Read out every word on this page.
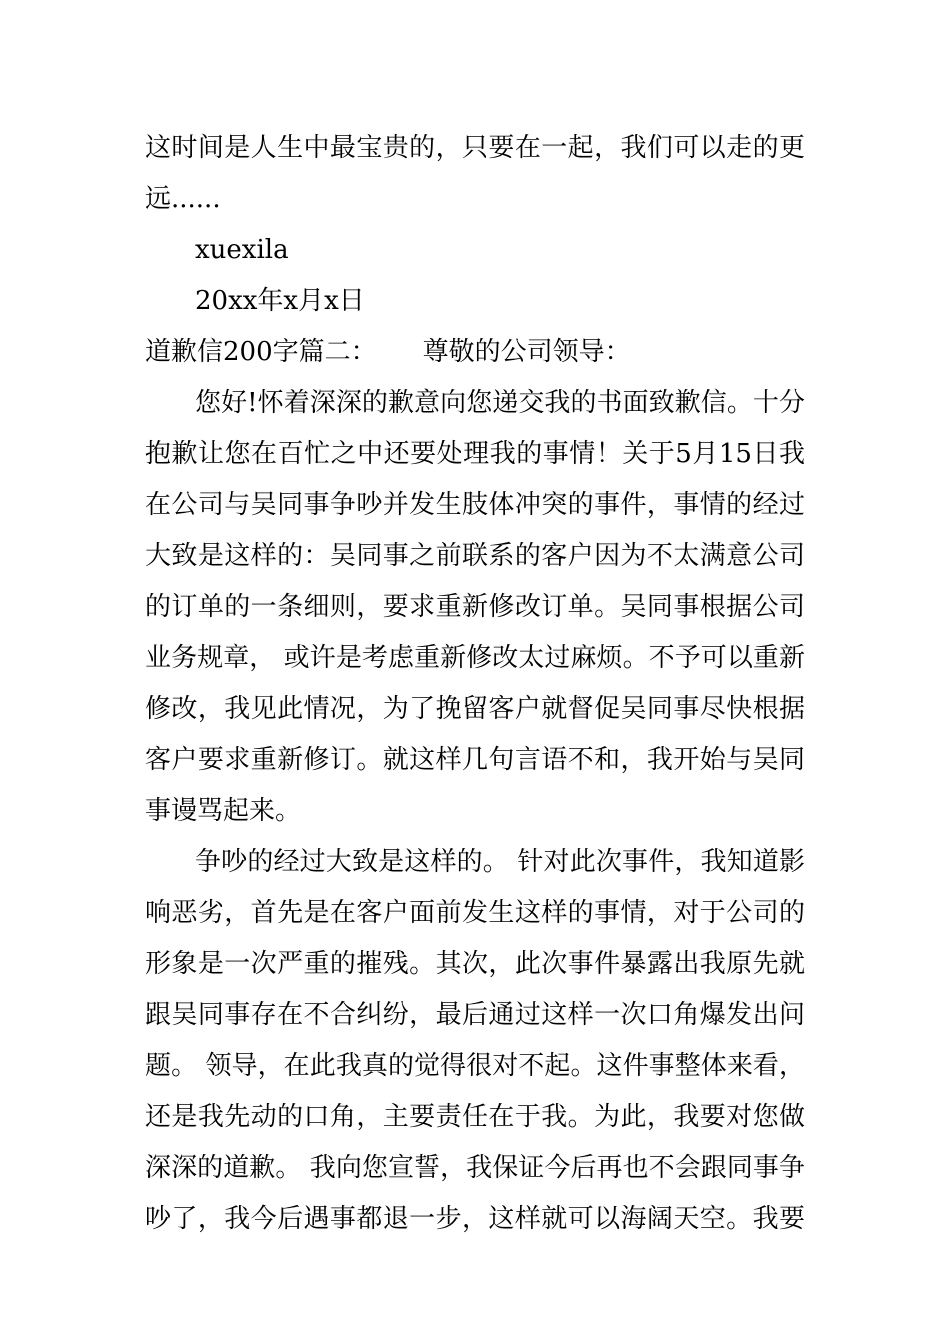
这时间是人生中最宝贵的，只要在一起，我们可以走的更
远......
xuexila
20xx年x月x日
道歉信200字篇二： 尊敬的公司领导：
您好!怀着深深的歉意向您递交我的书面致歉信。十分
抱歉让您在百忙之中还要处理我的事情！关于5月15日我
在公司与吴同事争吵并发生肢体冲突的事件，事情的经过
大致是这样的：吴同事之前联系的客户因为不太满意公司
的订单的一条细则，要求重新修改订单。吴同事根据公司
业务规章， 或许是考虑重新修改太过麻烦。不予可以重新
修改，我见此情况，为了挽留客户就督促吴同事尽快根据
客户要求重新修订。就这样几句言语不和，我开始与吴同
事谩骂起来。
争吵的经过大致是这样的。 针对此次事件，我知道影
响恶劣，首先是在客户面前发生这样的事情，对于公司的
形象是一次严重的摧残。其次，此次事件暴露出我原先就
跟吴同事存在不合纠纷，最后通过这样一次口角爆发出问
题。 领导，在此我真的觉得很对不起。这件事整体来看，
还是我先动的口角，主要责任在于我。为此，我要对您做
深深的道歉。 我向您宣誓，我保证今后再也不会跟同事争
吵了，我今后遇事都退一步，这样就可以海阔天空。我要
